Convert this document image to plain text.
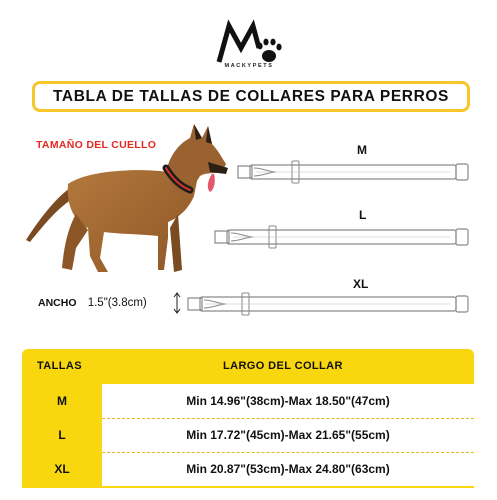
MACKYPETS
TABLA DE TALLAS DE COLLARES PARA PERROS
TAMAÑO DEL CUELLO	M
L
XL
ANCHO 1.5"(3.8cm)
TALLAS	LARGO DEL COLLAR
M	Min 14.96"(38cm)-Max 18.50"(47cm)
L	Min 17.72"(45cm)-Max 21.65"(55cm)
XL	Min 20.87"(53cm)-Max 24.80"(63cm)
